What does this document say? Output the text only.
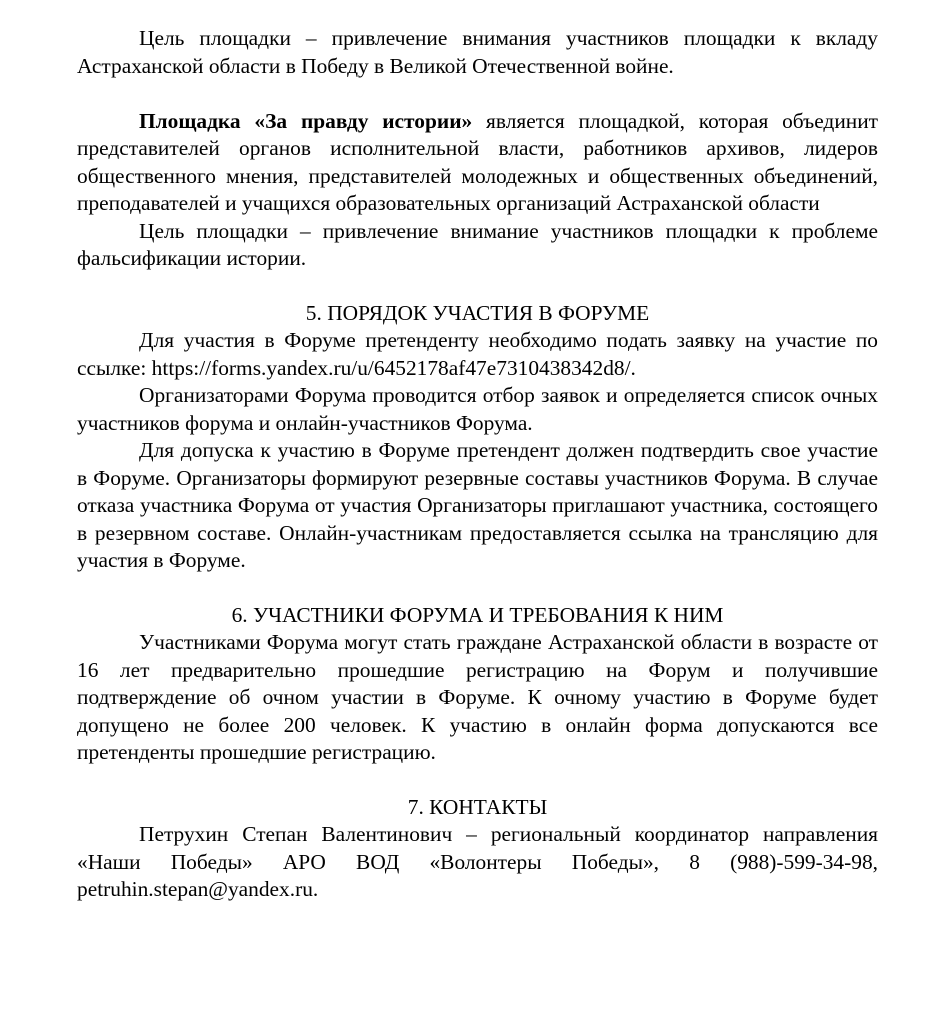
Цель площадки – привлечение внимания участников площадки к вкладу Астраханской области в Победу в Великой Отечественной войне.

Площадка «За правду истории» является площадкой, которая объединит представителей органов исполнительной власти, работников архивов, лидеров общественного мнения, представителей молодежных и общественных объединений, преподавателей и учащихся образовательных организаций Астраханской области

Цель площадки – привлечение внимание участников площадки к проблеме фальсификации истории.

5. ПОРЯДОК УЧАСТИЯ В ФОРУМЕ

Для участия в Форуме претенденту необходимо подать заявку на участие по ссылке: https://forms.yandex.ru/u/6452178af47e7310438342d8/.

Организаторами Форума проводится отбор заявок и определяется список очных участников форума и онлайн-участников Форума.

Для допуска к участию в Форуме претендент должен подтвердить свое участие в Форуме. Организаторы формируют резервные составы участников Форума. В случае отказа участника Форума от участия Организаторы приглашают участника, состоящего в резервном составе. Онлайн-участникам предоставляется ссылка на трансляцию для участия в Форуме.

6. УЧАСТНИКИ ФОРУМА И ТРЕБОВАНИЯ К НИМ

Участниками Форума могут стать граждане Астраханской области в возрасте от 16 лет предварительно прошедшие регистрацию на Форум и получившие подтверждение об очном участии в Форуме. К очному участию в Форуме будет допущено не более 200 человек. К участию в онлайн форма допускаются все претенденты прошедшие регистрацию.

7. КОНТАКТЫ

Петрухин Степан Валентинович – региональный координатор направления «Наши Победы» АРО ВОД «Волонтеры Победы», 8 (988)-599-34-98, petruhin.stepan@yandex.ru.
